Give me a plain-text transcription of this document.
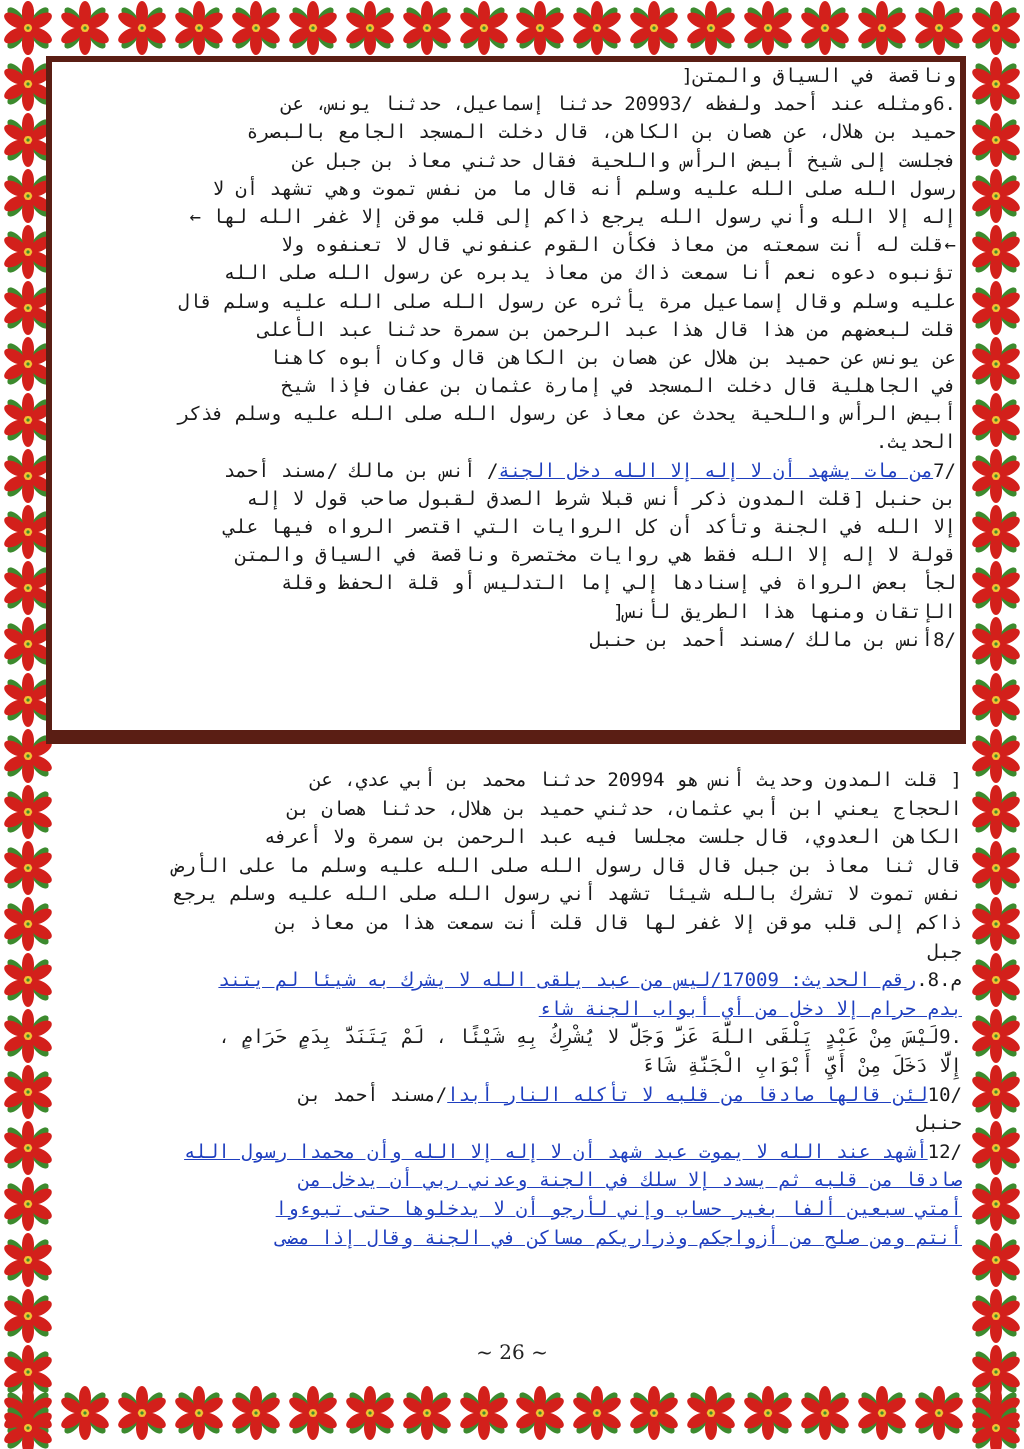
وناقصة في السياق والمتن[
.6ومثله عند أحمد ولفظه /20993 حدثنا إسماعيل، حدثنا يونس، عن
حميد بن هلال، عن هصان بن الكاهن، قال دخلت المسجد الجامع بالبصرة
فجلست إلى شيخ أبيض الرأس واللحية فقال حدثني معاذ بن جبل عن
رسول الله صلى الله عليه وسلم أنه قال ما من نفس تموت وهي تشهد أن لا
إله إلا الله وأني رسول الله يرجع ذاكم إلى قلب موقن إلا غفر الله لها ←
←قلت له أنت سمعته من معاذ فكأن القوم عنفوني قال لا تعنفوه ولا
تؤنبوه دعوه نعم أنا سمعت ذاك من معاذ يدبره عن رسول الله صلى الله
عليه وسلم وقال إسماعيل مرة يأثره عن رسول الله صلى الله عليه وسلم قال
قلت لبعضهم من هذا قال هذا عبد الرحمن بن سمرة حدثنا عبد الأعلى
عن يونس عن حميد بن هلال عن هصان بن الكاهن قال وكان أبوه كاهنا
في الجاهلية قال دخلت المسجد في إمارة عثمان بن عفان فإذا شيخ
أبيض الرأس واللحية يحدث عن معاذ عن رسول الله صلى الله عليه وسلم فذكر
الحديث.
/7من مات يشهد أن لا إله إلا الله دخل الجنة/ أنس بن مالك /مسند أحمد
بن حنبل [قلت المدون ذكر أنس قبلا شرط الصدق لقبول صاحب قول لا إله
إلا الله في الجنة وتأكد أن كل الروايات التي اقتصر الرواه فيها علي
قولة لا إله إلا الله فقط هي روايات مختصرة وناقصة في السياق والمتن
لجأ بعض الرواة في إسنادها إلي إما التدليس أو قلة الحفظ وقلة
الإتقان ومنها هذا الطريق لأنس[
/8أنس بن مالك /مسند أحمد بن حنبل
[ قلت المدون وحديث أنس هو 20994 حدثنا محمد بن أبي عدي، عن
الحجاج يعني ابن أبي عثمان، حدثني حميد بن هلال، حدثنا هصان بن
الكاهن العدوي، قال جلست مجلسا فيه عبد الرحمن بن سمرة ولا أعرفه
قال ثنا معاذ بن جبل قال قال رسول الله صلى الله عليه وسلم ما على الأرض
نفس تموت لا تشرك بالله شيئا تشهد أني رسول الله صلى الله عليه وسلم يرجع
ذاكم إلى قلب موقن إلا غفر لها قال قلت أنت سمعت هذا من معاذ بن
جبل
م.8.رقم الحديث: 17009/ليس من عبد يلقى الله لا يشرك به شيئا لم يتند
بدم حرام إلا دخل من أي أبواب الجنة شاء
.9لَيْسَ مِنْ عَبْدٍ يَلْقَى اللَّهَ عَزَّ وَجَلَّ لا يُشْرِكُ بِهِ شَيْئًا ، لَمْ يَتَنَدَّ بِدَمٍ حَرَامٍ ،
إِلَّا دَخَلَ مِنْ أَيِّ أَبْوَابِ الْجَنَّةِ شَاءَ
/10لئن قالها صادقا من قلبه لا تأكله النار أبدا/مسند أحمد بن
حنبل
/12أشهد عند الله لا يموت عبد شهد أن لا إله إلا الله وأن محمدا رسول الله
صادقا من قلبه ثم يسدد إلا سلك في الجنة وعدني ربي أن يدخل من
أمتي سبعين ألفا بغير حساب وإني لأرجو أن لا يدخلوها حتى تبوءوا
أنتم ومن صلح من أزواجكم وذراريكم مساكن في الجنة وقال إذا مضى
~ 26 ~
